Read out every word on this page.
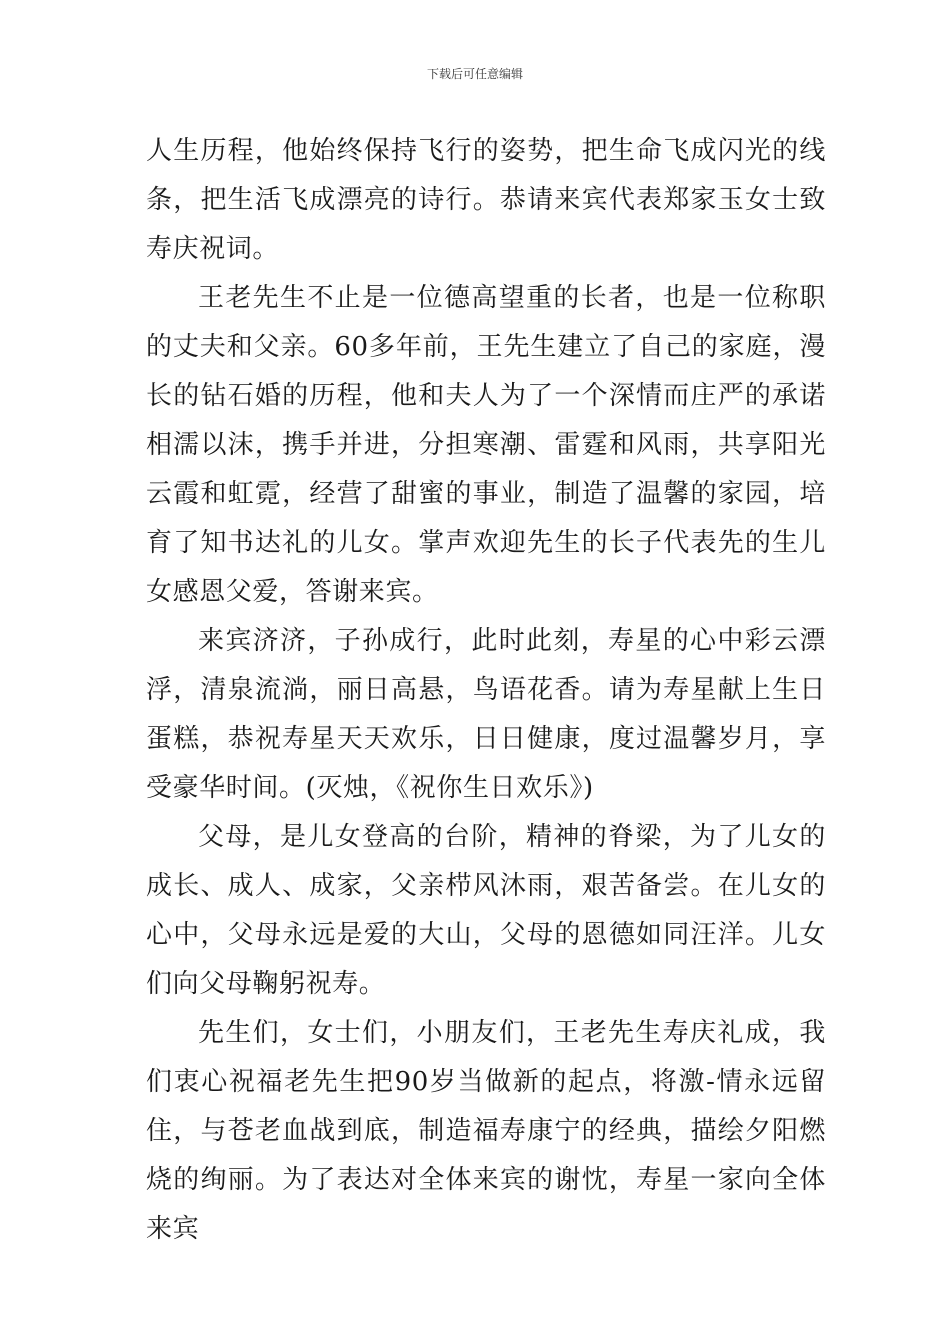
下载后可任意编辑

人生历程，他始终保持飞行的姿势，把生命飞成闪光的线条，把生活飞成漂亮的诗行。恭请来宾代表郑家玉女士致寿庆祝词。

王老先生不止是一位德高望重的长者，也是一位称职的丈夫和父亲。60多年前，王先生建立了自己的家庭，漫长的钻石婚的历程，他和夫人为了一个深情而庄严的承诺相濡以沫，携手并进，分担寒潮、雷霆和风雨，共享阳光云霞和虹霓，经营了甜蜜的事业，制造了温馨的家园，培育了知书达礼的儿女。掌声欢迎先生的长子代表先的生儿女感恩父爱，答谢来宾。

来宾济济，子孙成行，此时此刻，寿星的心中彩云漂浮，清泉流淌，丽日高悬，鸟语花香。请为寿星献上生日蛋糕，恭祝寿星天天欢乐，日日健康，度过温馨岁月，享受豪华时间。(灭烛，《祝你生日欢乐》)

父母，是儿女登高的台阶，精神的脊梁，为了儿女的成长、成人、成家，父亲栉风沐雨，艰苦备尝。在儿女的心中，父母永远是爱的大山，父母的恩德如同汪洋。儿女们向父母鞠躬祝寿。

先生们，女士们，小朋友们，王老先生寿庆礼成，我们衷心祝福老先生把90岁当做新的起点，将激-情永远留住，与苍老血战到底，制造福寿康宁的经典，描绘夕阳燃烧的绚丽。为了表达对全体来宾的谢忱，寿星一家向全体来宾
